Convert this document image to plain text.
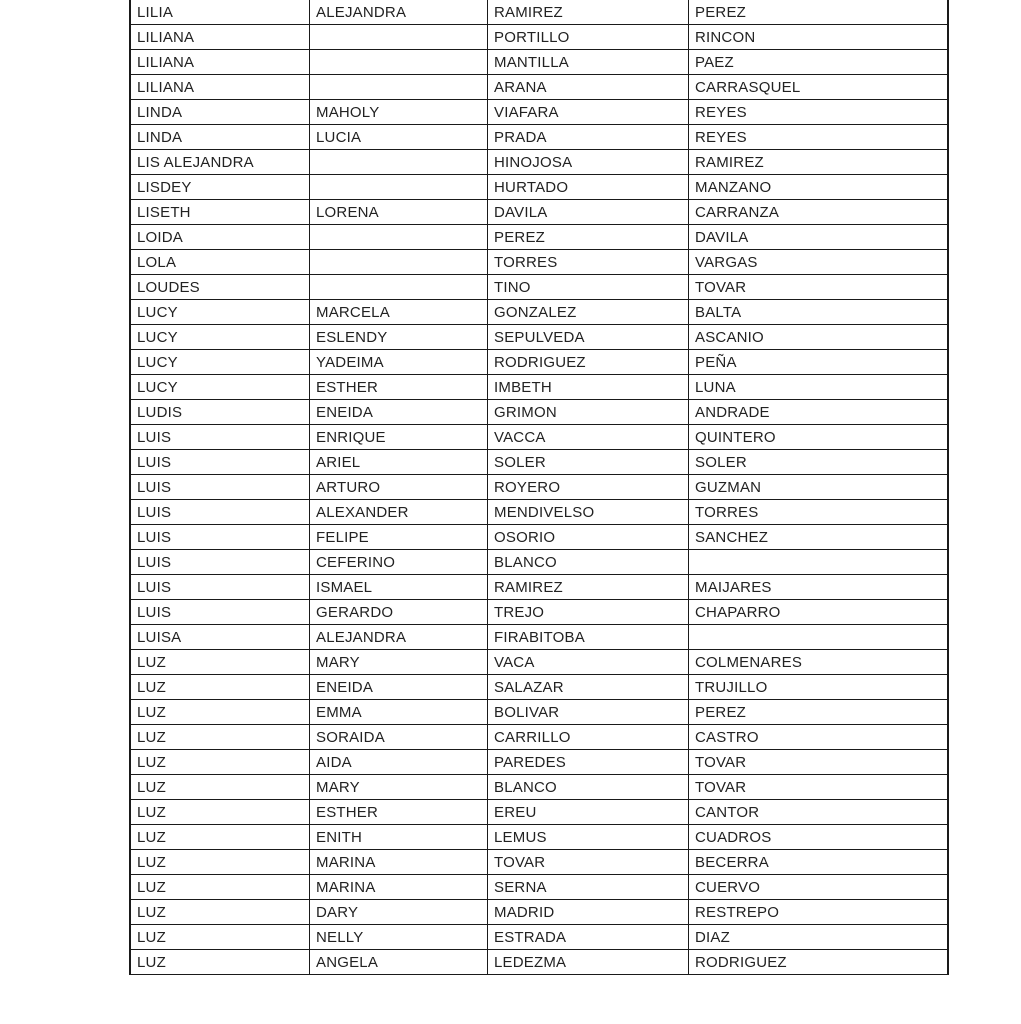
LILIA	ALEJANDRA	RAMIREZ	PEREZ
LILIANA		PORTILLO	RINCON
LILIANA		MANTILLA	PAEZ
LILIANA		ARANA	CARRASQUEL
LINDA	MAHOLY	VIAFARA	REYES
LINDA	LUCIA	PRADA	REYES
LIS ALEJANDRA		HINOJOSA	RAMIREZ
LISDEY		HURTADO	MANZANO
LISETH	LORENA	DAVILA	CARRANZA
LOIDA		PEREZ	DAVILA
LOLA		TORRES	VARGAS
LOUDES		TINO	TOVAR
LUCY	MARCELA	GONZALEZ	BALTA
LUCY	ESLENDY	SEPULVEDA	ASCANIO
LUCY	YADEIMA	RODRIGUEZ	PEÑA
LUCY	ESTHER	IMBETH	LUNA
LUDIS	ENEIDA	GRIMON	ANDRADE
LUIS	ENRIQUE	VACCA	QUINTERO
LUIS	ARIEL	SOLER	SOLER
LUIS	ARTURO	ROYERO	GUZMAN
LUIS	ALEXANDER	MENDIVELSO	TORRES
LUIS	FELIPE	OSORIO	SANCHEZ
LUIS	CEFERINO	BLANCO	
LUIS	ISMAEL	RAMIREZ	MAIJARES
LUIS	GERARDO	TREJO	CHAPARRO
LUISA	ALEJANDRA	FIRABITOBA	
LUZ	MARY	VACA	COLMENARES
LUZ	ENEIDA	SALAZAR	TRUJILLO
LUZ	EMMA	BOLIVAR	PEREZ
LUZ	SORAIDA	CARRILLO	CASTRO
LUZ	AIDA	PAREDES	TOVAR
LUZ	MARY	BLANCO	TOVAR
LUZ	ESTHER	EREU	CANTOR
LUZ	ENITH	LEMUS	CUADROS
LUZ	MARINA	TOVAR	BECERRA
LUZ	MARINA	SERNA	CUERVO
LUZ	DARY	MADRID	RESTREPO
LUZ	NELLY	ESTRADA	DIAZ
LUZ	ANGELA	LEDEZMA	RODRIGUEZ
